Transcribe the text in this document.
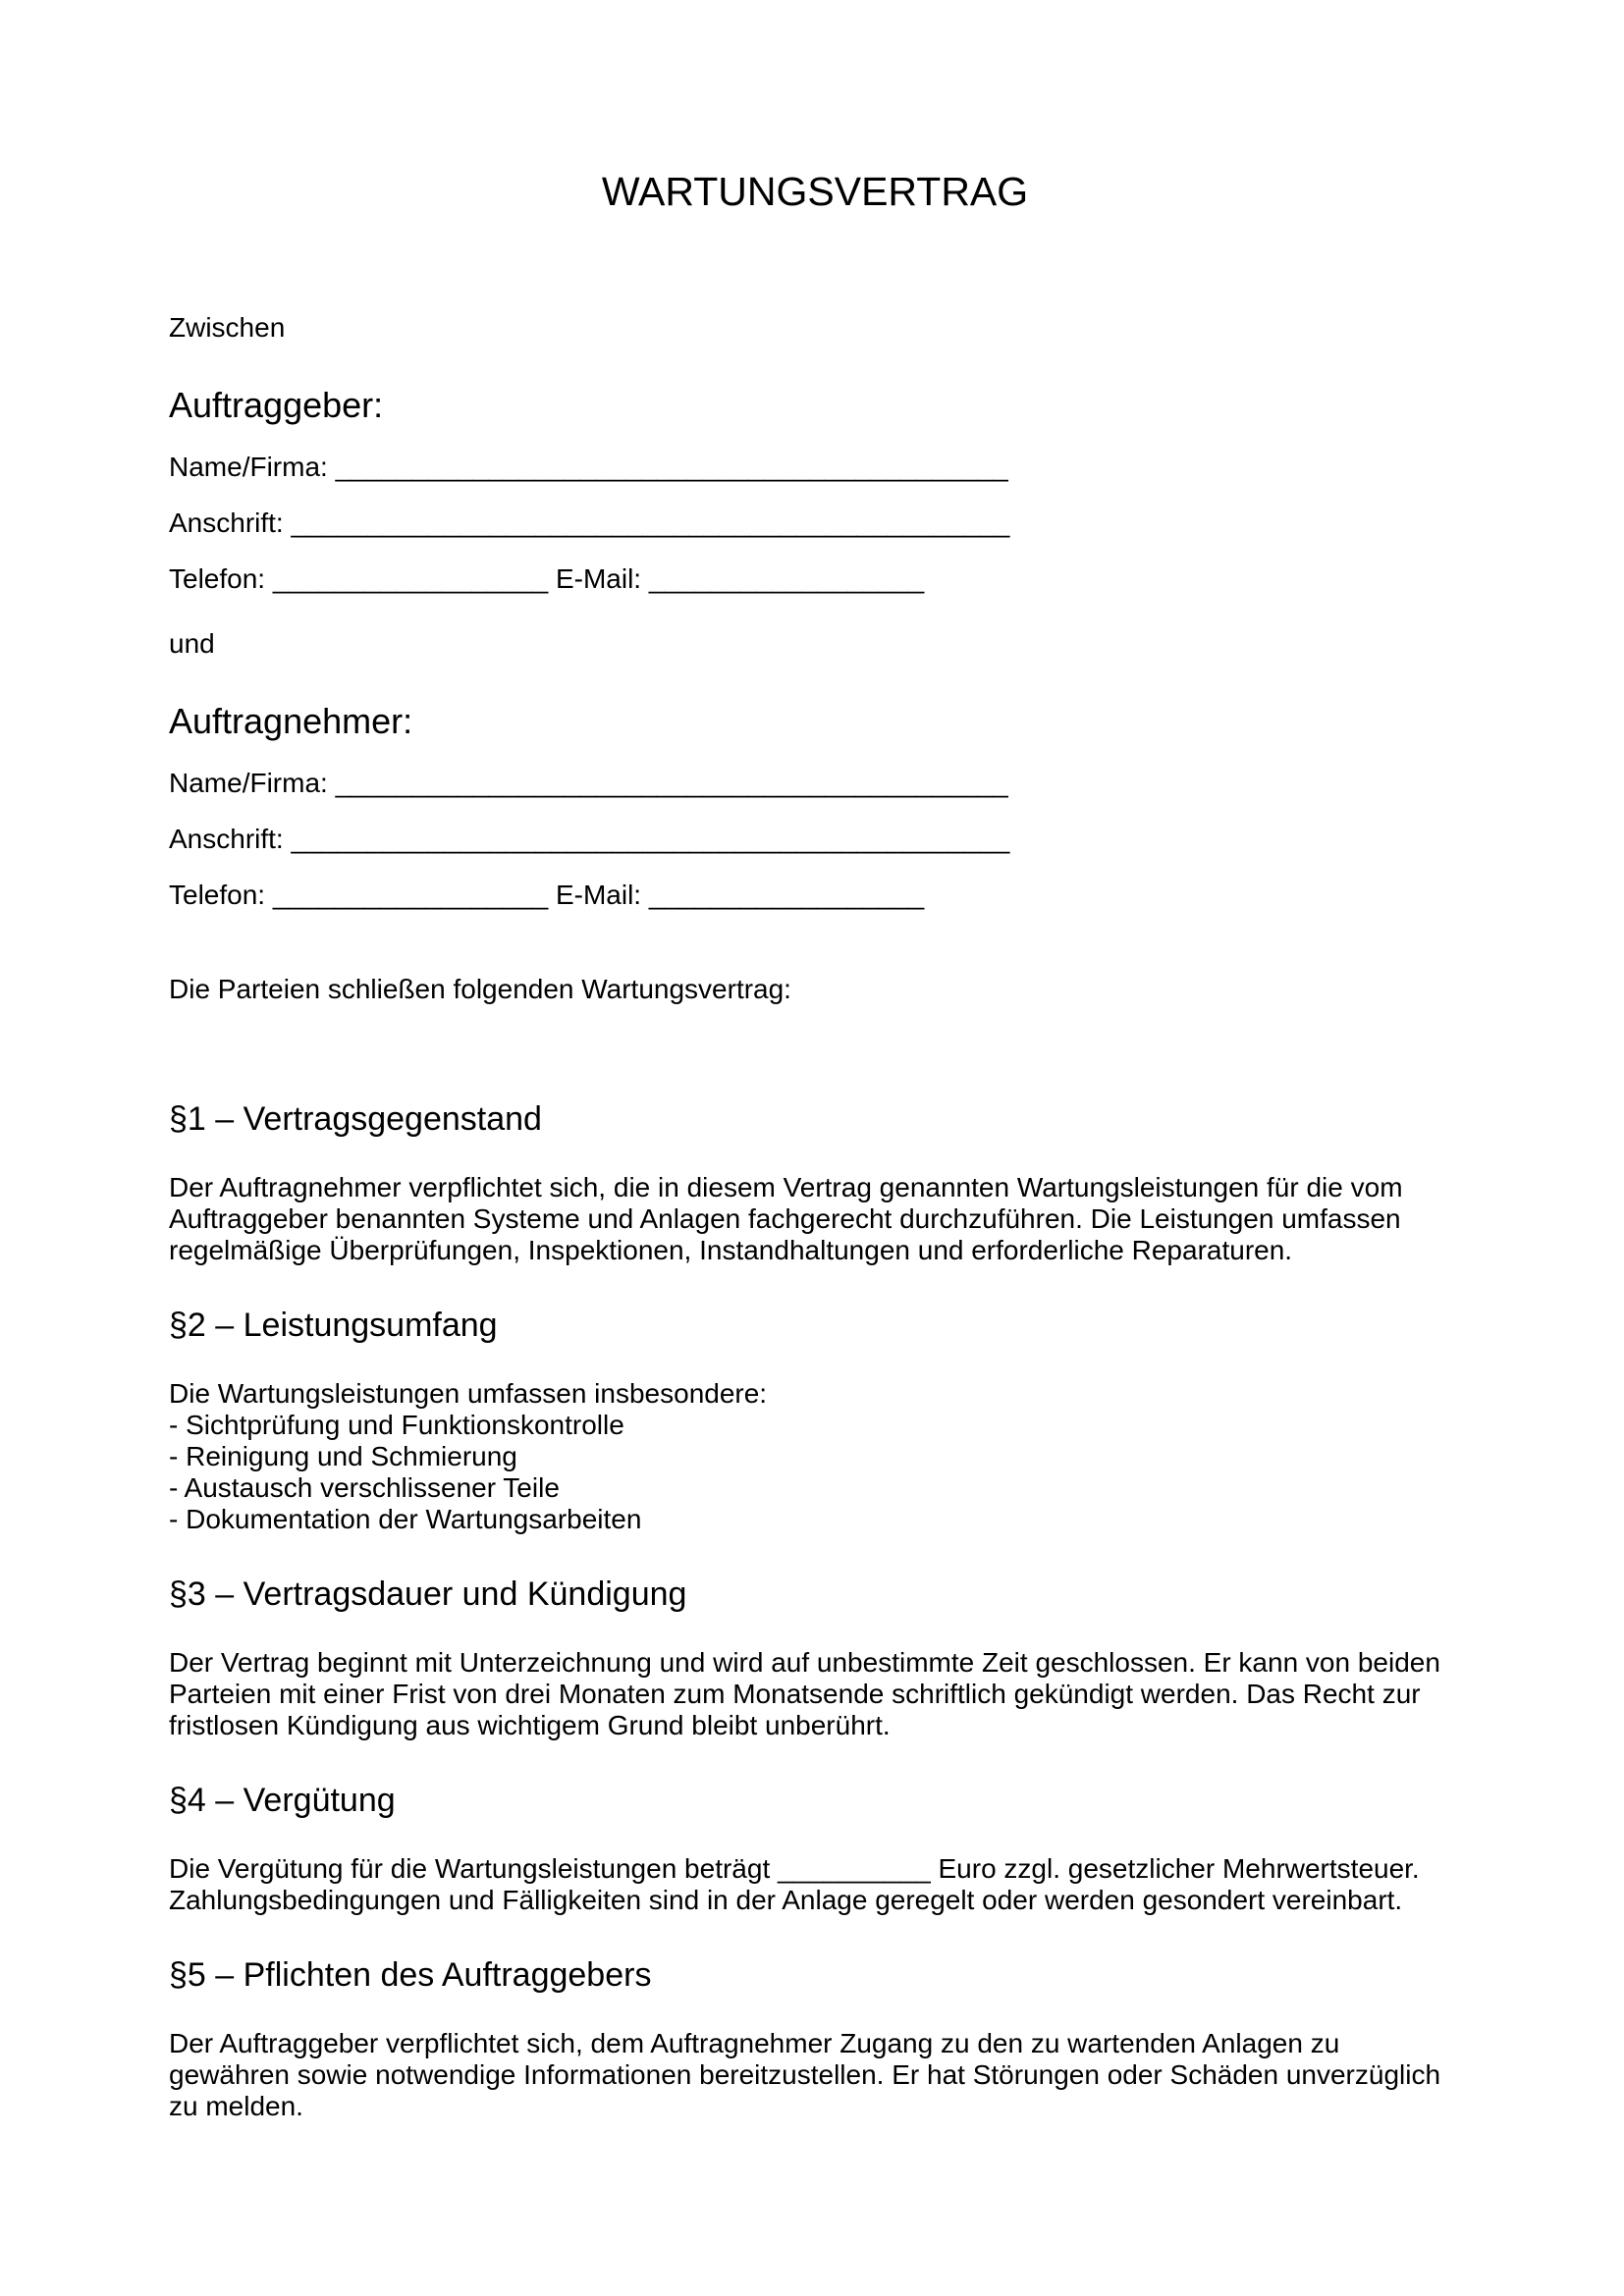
WARTUNGSVERTRAG

Zwischen

Auftraggeber:
Name/Firma: ____________________________________________
Anschrift: _______________________________________________
Telefon: __________________ E-Mail: __________________

und

Auftragnehmer:
Name/Firma: ____________________________________________
Anschrift: _______________________________________________
Telefon: __________________ E-Mail: __________________

Die Parteien schließen folgenden Wartungsvertrag:

§1 – Vertragsgegenstand

Der Auftragnehmer verpflichtet sich, die in diesem Vertrag genannten Wartungsleistungen für die vom Auftraggeber benannten Systeme und Anlagen fachgerecht durchzuführen. Die Leistungen umfassen regelmäßige Überprüfungen, Inspektionen, Instandhaltungen und erforderliche Reparaturen.

§2 – Leistungsumfang

Die Wartungsleistungen umfassen insbesondere:

- Sichtprüfung und Funktionskontrolle

- Reinigung und Schmierung

- Austausch verschlissener Teile

- Dokumentation der Wartungsarbeiten

§3 – Vertragsdauer und Kündigung

Der Vertrag beginnt mit Unterzeichnung und wird auf unbestimmte Zeit geschlossen. Er kann von beiden Parteien mit einer Frist von drei Monaten zum Monatsende schriftlich gekündigt werden. Das Recht zur fristlosen Kündigung aus wichtigem Grund bleibt unberührt.

§4 – Vergütung

Die Vergütung für die Wartungsleistungen beträgt __________ Euro zzgl. gesetzlicher Mehrwertsteuer. Zahlungsbedingungen und Fälligkeiten sind in der Anlage geregelt oder werden gesondert vereinbart.

§5 – Pflichten des Auftraggebers

Der Auftraggeber verpflichtet sich, dem Auftragnehmer Zugang zu den zu wartenden Anlagen zu gewähren sowie notwendige Informationen bereitzustellen. Er hat Störungen oder Schäden unverzüglich zu melden.
